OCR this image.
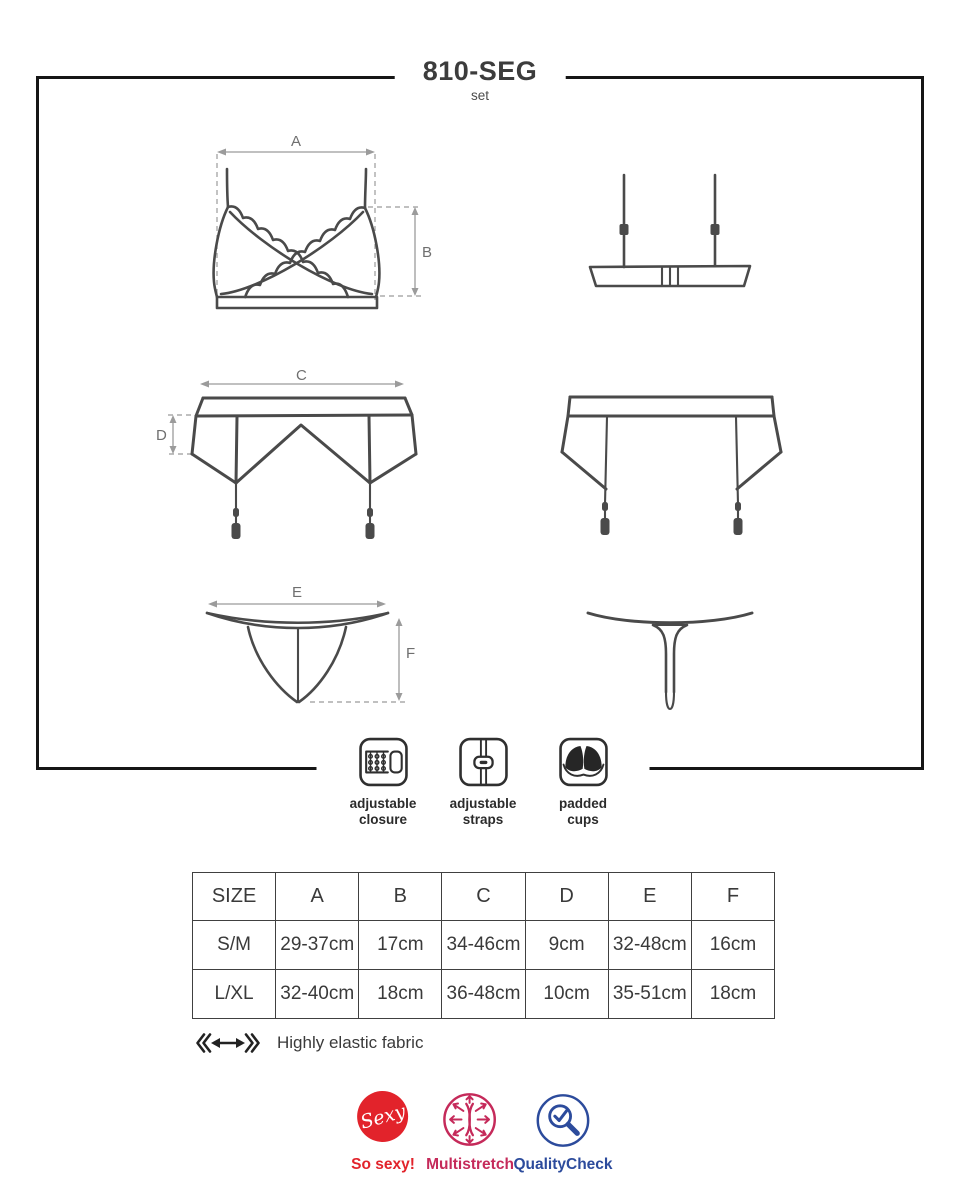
810-SEG
set
A
B
C
D
E
F
adjustable
closure
adjustable
straps
padded
cups
SIZE	A	B	C	D	E	F
S/M	29-37cm	17cm	34-46cm	9cm	32-48cm	16cm
L/XL	32-40cm	18cm	36-48cm	10cm	35-51cm	18cm
Highly elastic fabric
Sexy
So sexy! Multistretch QualityCheck
